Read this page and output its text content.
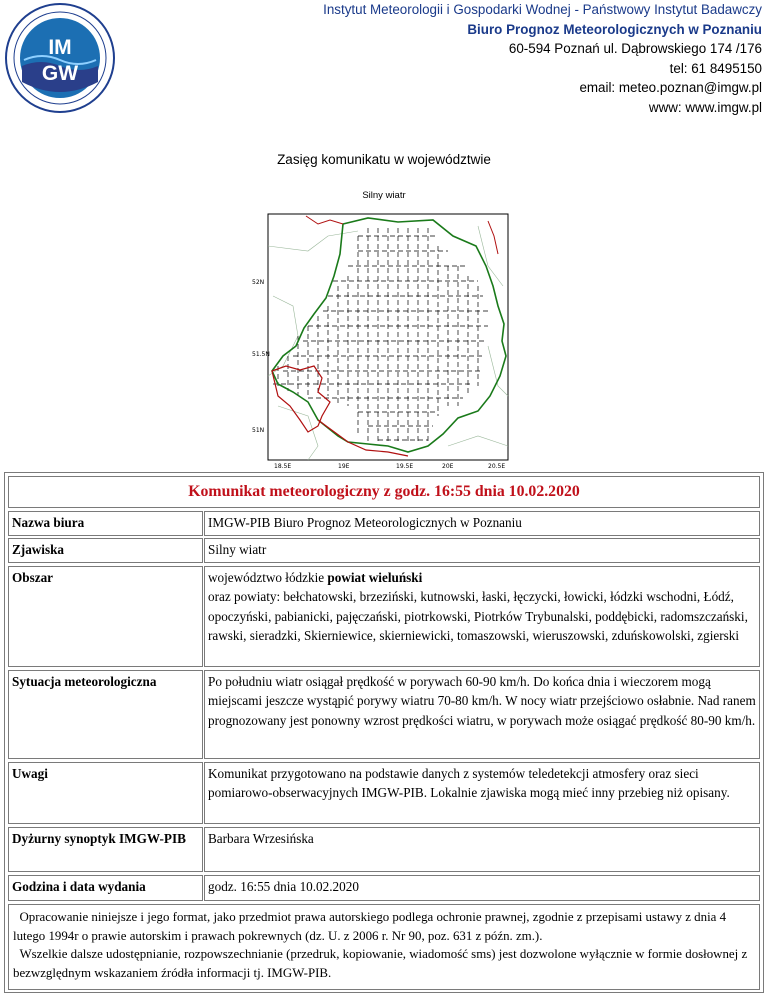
IM
GW
Instytut Meteorologii i Gospodarki Wodnej - Państwowy Instytut Badawczy
Biuro Prognoz Meteorologicznych w Poznaniu
60-594 Poznań ul. Dąbrowskiego 174 /176
tel: 61 8495150
email: meteo.poznan@imgw.pl
www: www.imgw.pl
Zasięg komunikatu w województwie
Silny wiatr
52N
51.5N
51N
18.5E	19E	19.5E	20E	20.5E
Komunikat meteorologiczny z godz. 16:55 dnia 10.02.2020
Nazwa biura	IMGW-PIB Biuro Prognoz Meteorologicznych w Poznaniu
Zjawiska	Silny wiatr
Obszar	województwo łódzkie powiat wieluński
oraz powiaty: bełchatowski, brzeziński, kutnowski, łaski, łęczycki, łowicki, łódzki wschodni, Łódź, opoczyński, pabianicki, pajęczański, piotrkowski, Piotrków Trybunalski, poddębicki, radomszczański, rawski, sieradzki, Skierniewice, skierniewicki, tomaszowski, wieruszowski, zduńskowolski, zgierski
Sytuacja meteorologiczna	Po południu wiatr osiągał prędkość w porywach 60-90 km/h. Do końca dnia i wieczorem mogą miejscami jeszcze wystąpić porywy wiatru 70-80 km/h. W nocy wiatr przejściowo osłabnie. Nad ranem prognozowany jest ponowny wzrost prędkości wiatru, w porywach może osiągać prędkość 80-90 km/h.
Uwagi	Komunikat przygotowano na podstawie danych z systemów teledetekcji atmosfery oraz sieci pomiarowo-obserwacyjnych IMGW-PIB. Lokalnie zjawiska mogą mieć inny przebieg niż opisany.
Dyżurny synoptyk IMGW-PIB	Barbara Wrzesińska
Godzina i data wydania	godz. 16:55 dnia 10.02.2020
Opracowanie niniejsze i jego format, jako przedmiot prawa autorskiego podlega ochronie prawnej, zgodnie z przepisami ustawy z dnia 4 lutego 1994r o prawie autorskim i prawach pokrewnych (dz. U. z 2006 r. Nr 90, poz. 631 z późn. zm.).
Wszelkie dalsze udostępnianie, rozpowszechnianie (przedruk, kopiowanie, wiadomość sms) jest dozwolone wyłącznie w formie dosłownej z bezwzględnym wskazaniem źródła informacji tj. IMGW-PIB.
